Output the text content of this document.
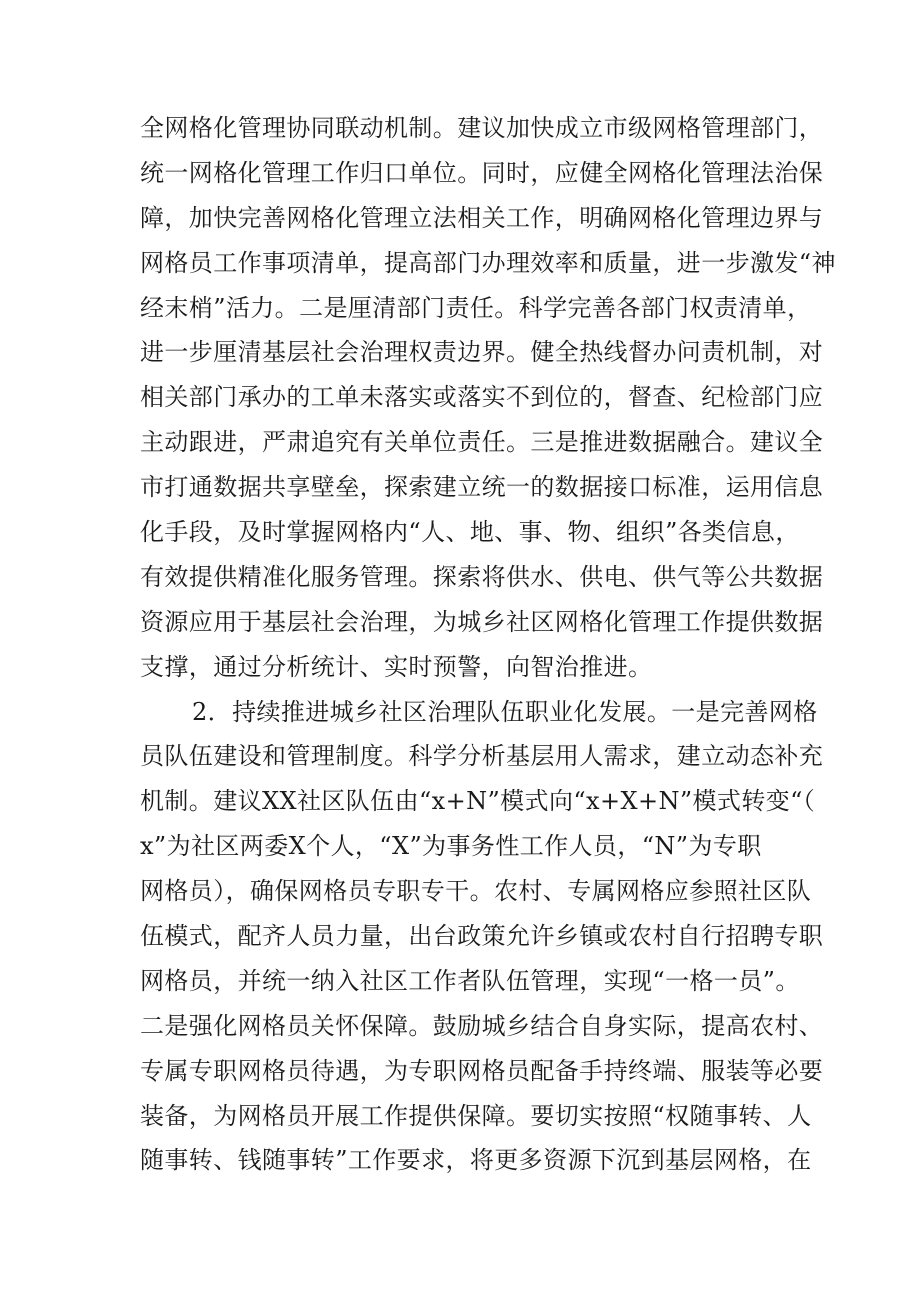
全网格化管理协同联动机制。建议加快成立市级网格管理部门，
统一网格化管理工作归口单位。同时，应健全网格化管理法治保
障，加快完善网格化管理立法相关工作，明确网格化管理边界与
网格员工作事项清单，提高部门办理效率和质量，进一步激发“神
经末梢”活力。二是厘清部门责任。科学完善各部门权责清单，
进一步厘清基层社会治理权责边界。健全热线督办问责机制，对
相关部门承办的工单未落实或落实不到位的，督查、纪检部门应
主动跟进，严肃追究有关单位责任。三是推进数据融合。建议全
市打通数据共享壁垒，探索建立统一的数据接口标准，运用信息
化手段，及时掌握网格内“人、地、事、物、组织”各类信息，
有效提供精准化服务管理。探索将供水、供电、供气等公共数据
资源应用于基层社会治理，为城乡社区网格化管理工作提供数据
支撑，通过分析统计、实时预警，向智治推进。
2．持续推进城乡社区治理队伍职业化发展。一是完善网格
员队伍建设和管理制度。科学分析基层用人需求，建立动态补充
机制。建议XX社区队伍由“x+N”模式向“x+X+N”模式转变“（
x”为社区两委X个人，“X”为事务性工作人员，“N”为专职
网格员），确保网格员专职专干。农村、专属网格应参照社区队
伍模式，配齐人员力量，出台政策允许乡镇或农村自行招聘专职
网格员，并统一纳入社区工作者队伍管理，实现“一格一员”。
二是强化网格员关怀保障。鼓励城乡结合自身实际，提高农村、
专属专职网格员待遇，为专职网格员配备手持终端、服装等必要
装备，为网格员开展工作提供保障。要切实按照“权随事转、人
随事转、钱随事转”工作要求，将更多资源下沉到基层网格，在
